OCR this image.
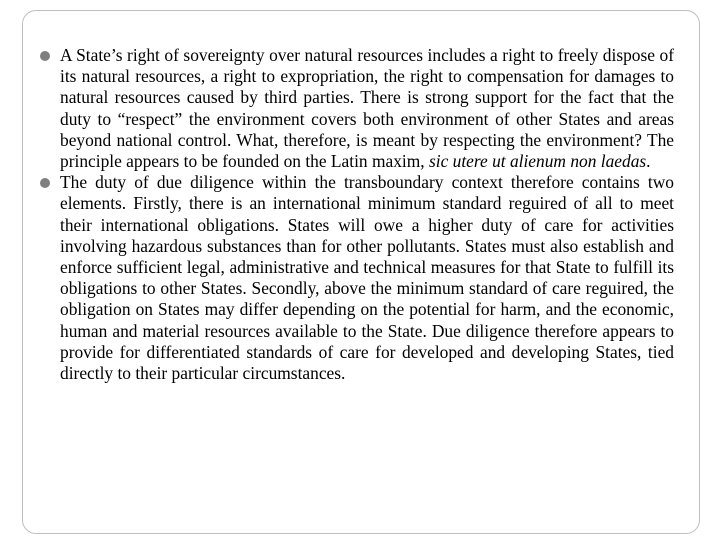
A State’s right of sovereignty over natural resources includes a right to freely dispose of its natural resources, a right to expropriation, the right to compensation for damages to natural resources caused by third parties. There is strong support for the fact that the duty to “respect” the environment covers both environment of other States and areas beyond national control. What, therefore, is meant by respecting the environment? The principle appears to be founded on the Latin maxim, sic utere ut alienum non laedas.

The duty of due diligence within the transboundary context therefore contains two elements. Firstly, there is an international minimum standard reguired of all to meet their international obligations. States will owe a higher duty of care for activities involving hazardous substances than for other pollutants. States must also establish and enforce sufficient legal, administrative and technical measures for that State to fulfill its obligations to other States. Secondly, above the minimum standard of care reguired, the obligation on States may differ depending on the potential for harm, and the economic, human and material resources available to the State. Due diligence therefore appears to provide for differentiated standards of care for developed and developing States, tied directly to their particular circumstances.
